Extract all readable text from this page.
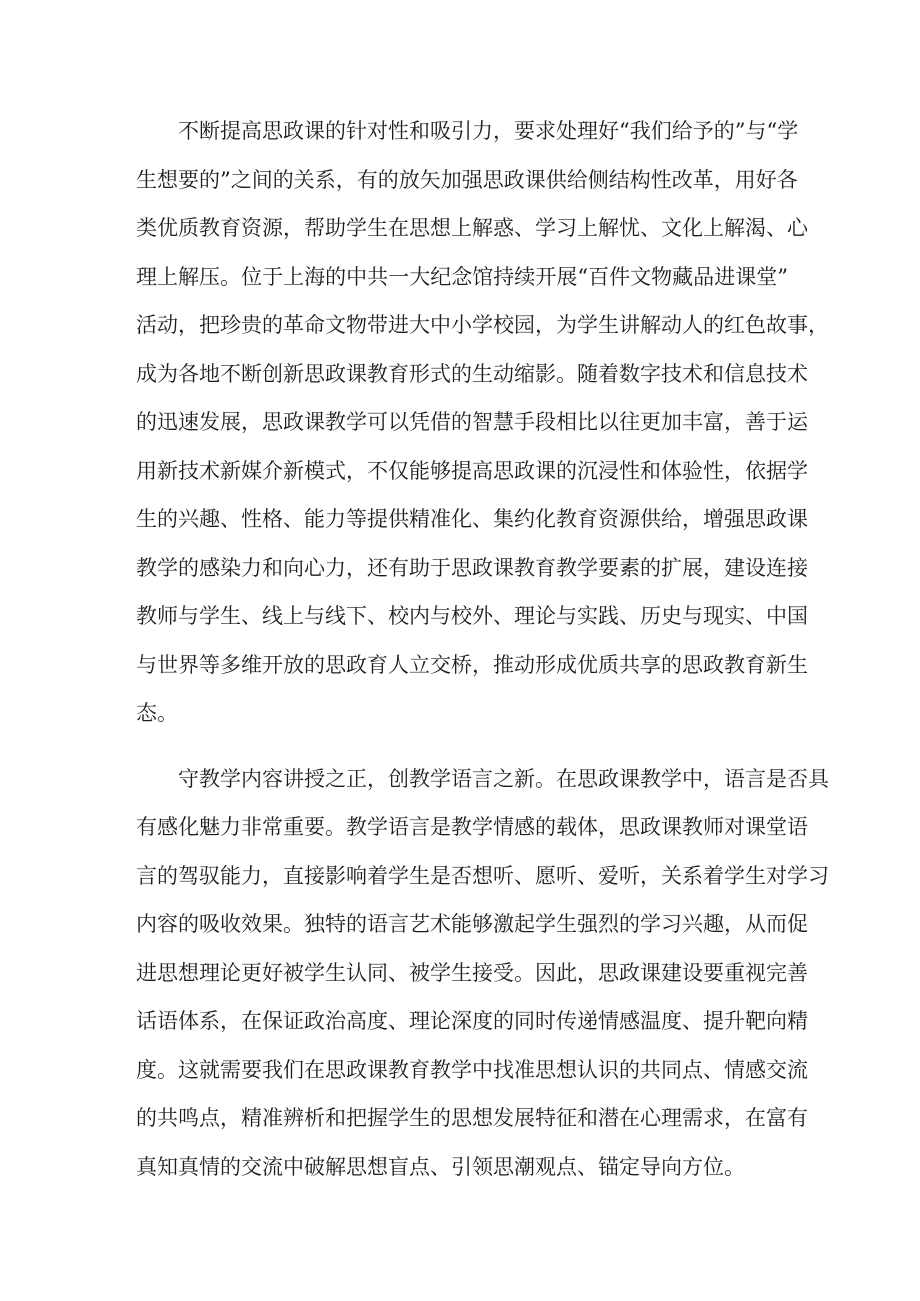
不断提高思政课的针对性和吸引力，要求处理好“我们给予的”与“学

生想要的”之间的关系，有的放矢加强思政课供给侧结构性改革，用好各

类优质教育资源，帮助学生在思想上解惑、学习上解忧、文化上解渴、心

理上解压。位于上海的中共一大纪念馆持续开展“百件文物藏品进课堂”

活动，把珍贵的革命文物带进大中小学校园，为学生讲解动人的红色故事，

成为各地不断创新思政课教育形式的生动缩影。随着数字技术和信息技术

的迅速发展，思政课教学可以凭借的智慧手段相比以往更加丰富，善于运

用新技术新媒介新模式，不仅能够提高思政课的沉浸性和体验性，依据学

生的兴趣、性格、能力等提供精准化、集约化教育资源供给，增强思政课

教学的感染力和向心力，还有助于思政课教育教学要素的扩展，建设连接

教师与学生、线上与线下、校内与校外、理论与实践、历史与现实、中国

与世界等多维开放的思政育人立交桥，推动形成优质共享的思政教育新生

态。

守教学内容讲授之正，创教学语言之新。在思政课教学中，语言是否具

有感化魅力非常重要。教学语言是教学情感的载体，思政课教师对课堂语

言的驾驭能力，直接影响着学生是否想听、愿听、爱听，关系着学生对学习

内容的吸收效果。独特的语言艺术能够激起学生强烈的学习兴趣，从而促

进思想理论更好被学生认同、被学生接受。因此，思政课建设要重视完善

话语体系，在保证政治高度、理论深度的同时传递情感温度、提升靶向精

度。这就需要我们在思政课教育教学中找准思想认识的共同点、情感交流

的共鸣点，精准辨析和把握学生的思想发展特征和潜在心理需求，在富有

真知真情的交流中破解思想盲点、引领思潮观点、锚定导向方位。
